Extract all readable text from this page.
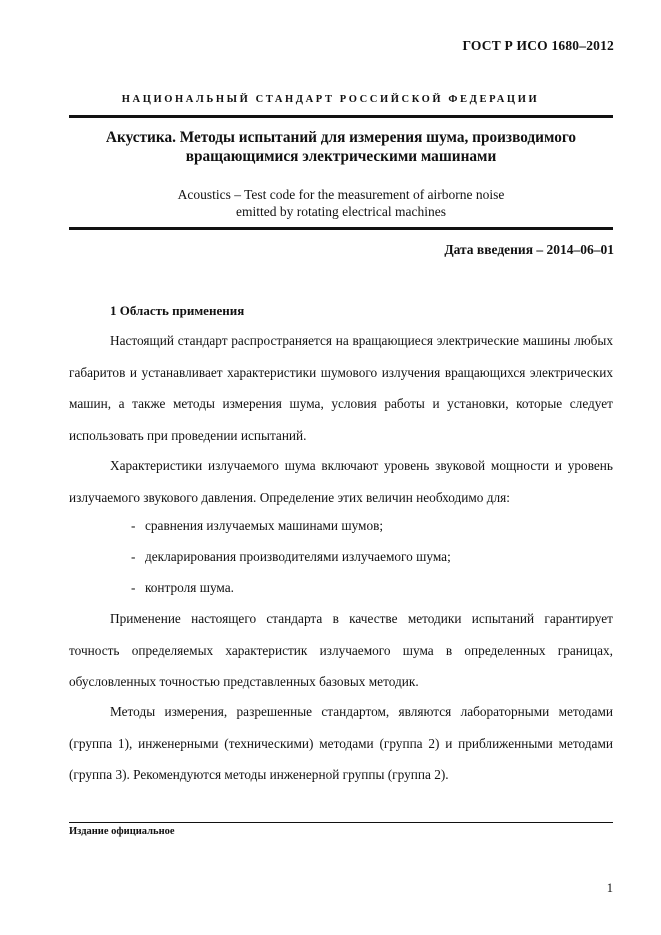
ГОСТ Р ИСО 1680–2012
НАЦИОНАЛЬНЫЙ СТАНДАРТ РОССИЙСКОЙ ФЕДЕРАЦИИ
Акустика. Методы испытаний для измерения шума, производимого вращающимися электрическими машинами
Acoustics – Test code for the measurement of airborne noise
emitted by rotating electrical machines
Дата введения – 2014–06–01
1 Область применения
Настоящий стандарт распространяется на вращающиеся электрические машины любых габаритов и устанавливает характеристики шумового излучения вращающихся электрических машин, а также методы измерения шума, условия работы и установки, которые следует использовать при проведении испытаний.
Характеристики излучаемого шума включают уровень звуковой мощности и уровень излучаемого звукового давления. Определение этих величин необходимо для:
- сравнения излучаемых машинами шумов;
- декларирования производителями излучаемого шума;
- контроля шума.
Применение настоящего стандарта в качестве методики испытаний гарантирует точность определяемых характеристик излучаемого шума в определенных границах, обусловленных точностью представленных базовых методик.
Методы измерения, разрешенные стандартом, являются лабораторными методами (группа 1), инженерными (техническими) методами (группа 2) и приближенными методами (группа 3). Рекомендуются методы инженерной группы (группа 2).
Издание официальное
1
